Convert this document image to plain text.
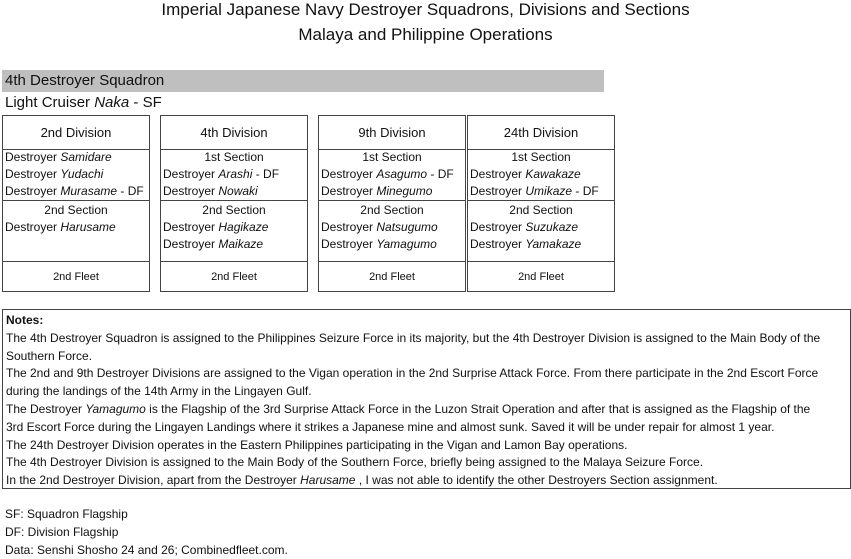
Imperial Japanese Navy Destroyer Squadrons, Divisions and Sections
Malaya and Philippine Operations
4th Destroyer Squadron
Light Cruiser Naka - SF
2nd Division
Destroyer Samidare
Destroyer Yudachi
Destroyer Murasame - DF
2nd Section
Destroyer Harusame
2nd Fleet
4th Division
1st Section
Destroyer Arashi - DF
Destroyer Nowaki
2nd Section
Destroyer Hagikaze
Destroyer Maikaze
2nd Fleet
9th Division
1st Section
Destroyer Asagumo - DF
Destroyer Minegumo
2nd Section
Destroyer Natsugumo
Destroyer Yamagumo
2nd Fleet
24th Division
1st Section
Destroyer Kawakaze
Destroyer Umikaze - DF
2nd Section
Destroyer Suzukaze
Destroyer Yamakaze
2nd Fleet
Notes:
The 4th Destroyer Squadron is assigned to the Philippines Seizure Force in its majority, but the 4th Destroyer Division is assigned to the Main Body of the
Southern Force.
The 2nd and 9th Destroyer Divisions are assigned to the Vigan operation in the 2nd Surprise Attack Force. From there participate in the 2nd Escort Force
during the landings of the 14th Army in the Lingayen Gulf.
The Destroyer Yamagumo is the Flagship of the 3rd Surprise Attack Force in the Luzon Strait Operation and after that is assigned as the Flagship of the
3rd Escort Force during the Lingayen Landings where it strikes a Japanese mine and almost sunk. Saved it will be under repair for almost 1 year.
The 24th Destroyer Division operates in the Eastern Philippines participating in the Vigan and Lamon Bay operations.
The 4th Destroyer Division is assigned to the Main Body of the Southern Force, briefly being assigned to the Malaya Seizure Force.
In the 2nd Destroyer Division, apart from the Destroyer Harusame , I was not able to identify the other Destroyers Section assignment.
SF: Squadron Flagship
DF: Division Flagship
Data: Senshi Shosho 24 and 26; Combinedfleet.com.
